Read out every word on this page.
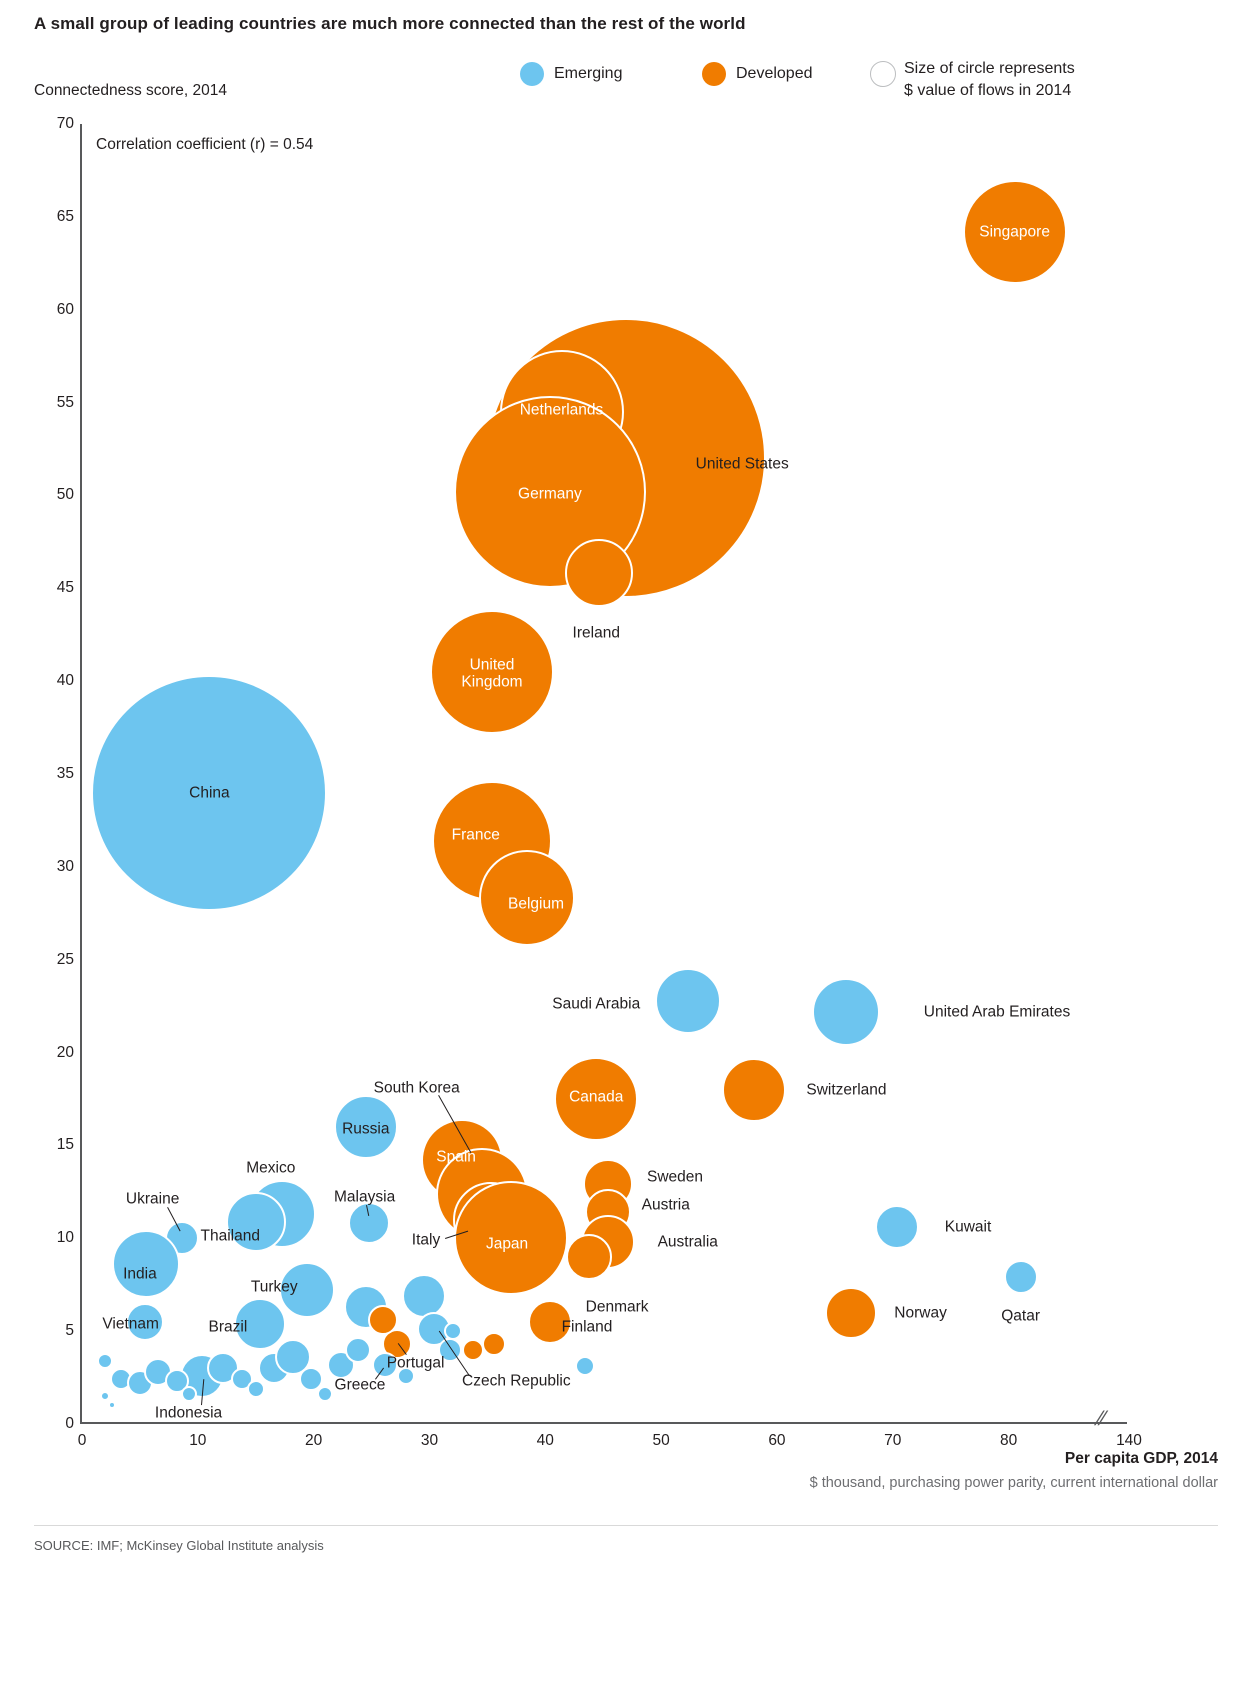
A small group of leading countries are much more connected than the rest of the world
Emerging	Developed	Size of circle represents
$ value of flows in 2014
Connectedness score, 2014
Correlation coefficient (r) = 0.54
//
0
5
10
15
20
25
30
35
40
45
50
55
60
65
70
0	10	20	30	40	50	60	70	80	140
Singapore
United States
Netherlands
Germany
Ireland
United
Kingdom
China
France
Belgium
Saudi Arabia	United Arab Emirates
Switzerland
Canada
South Korea
Russia
Spain
Sweden
Austria
Mexico
Thailand
Malaysia
Italy	Japan	Australia
Kuwait
Ukraine
India
Qatar
Turkey
Denmark
Finland
Norway
Vietnam	Brazil
Portugal
Czech Republic
Greece
Indonesia
Per capita GDP, 2014
$ thousand, purchasing power parity, current international dollar
SOURCE: IMF; McKinsey Global Institute analysis
